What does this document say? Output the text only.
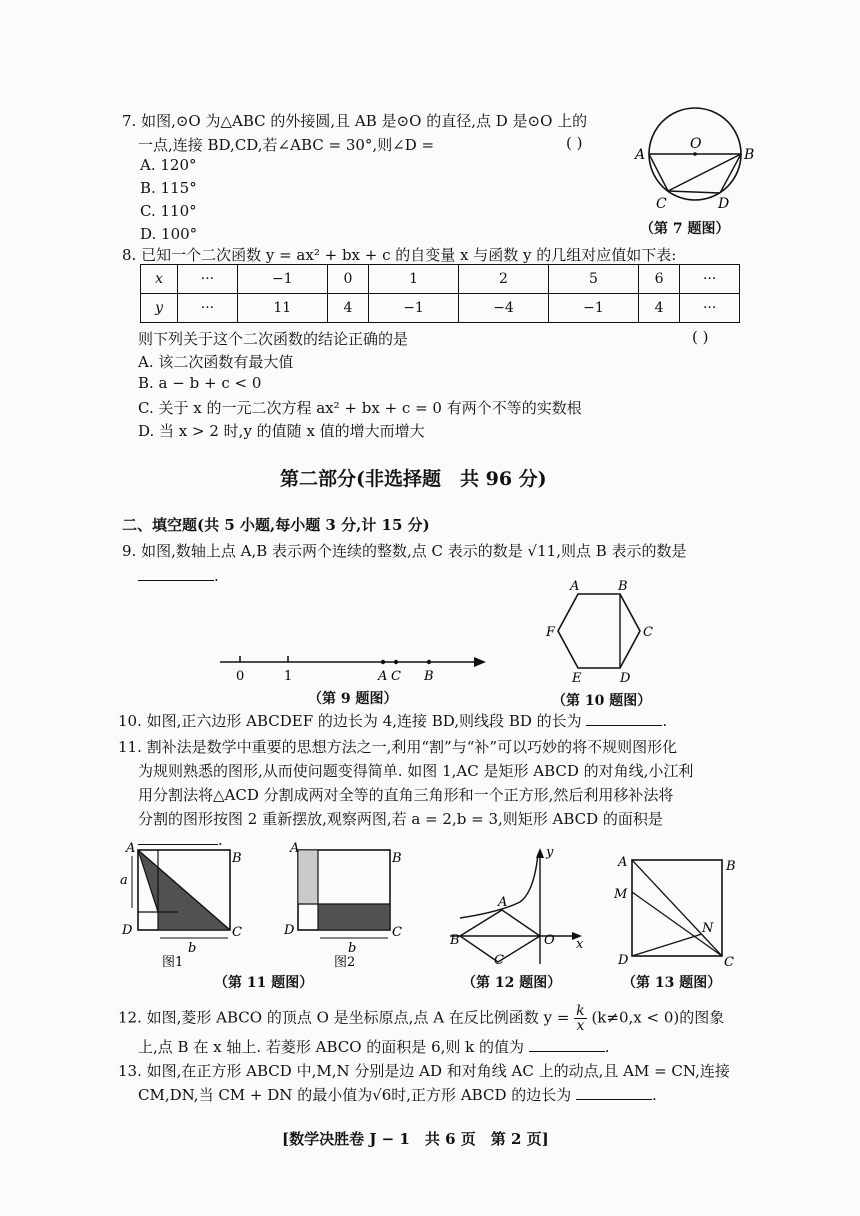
7. 如图,⊙O 为△ABC 的外接圆,且 AB 是⊙O 的直径,点 D 是⊙O 上的
一点,连接 BD,CD,若∠ABC = 30°,则∠D =	( )
A. 120°
B. 115°
C. 110°
D. 100°
A
O
B
C	D
（第 7 题图）
8. 已知一个二次函数 y = ax² + bx + c 的自变量 x 与函数 y 的几组对应值如下表:
x	···	−1	0	1	2	5	6	···
y	···	11	4	−1	−4	−1	4	···
则下列关于这个二次函数的结论正确的是	( )
A. 该二次函数有最大值
B. a − b + c < 0
C. 关于 x 的一元二次方程 ax² + bx + c = 0 有两个不等的实数根
D. 当 x > 2 时,y 的值随 x 值的增大而增大
第二部分(非选择题　共 96 分)
二、填空题(共 5 小题,每小题 3 分,计 15 分)
9. 如图,数轴上点 A,B 表示两个连续的整数,点 C 表示的数是 √11,则点 B 表示的数是
.
0	1	A C B
（第 9 题图）
A	B
C
D
E
F
（第 10 题图）
10. 如图,正六边形 ABCDEF 的边长为 4,连接 BD,则线段 BD 的长为	.
11. 割补法是数学中重要的思想方法之一,利用“割”与“补”可以巧妙的将不规则图形化
为规则熟悉的图形,从而使问题变得简单. 如图 1,AC 是矩形 ABCD 的对角线,小江利
用分割法将△ACD 分割成两对全等的直角三角形和一个正方形,然后利用移补法将
分割的图形按图 2 重新摆放,观察两图,若 a = 2,b = 3,则矩形 ABCD 的面积是
.
A
B
C
D
a
b
图1
A
B
C
D
b
图2
（第 11 题图）
A
B
C
O x
y
（第 12 题图）
A	B
C
D
M
N
（第 13 题图）
12. 如图,菱形 ABCO 的顶点 O 是坐标原点,点 A 在反比例函数 $y = \frac{k}{x} (k\ne 0,x < 0)$的图象
上,点 B 在 x 轴上. 若菱形 ABCO 的面积是 6,则 k 的值为	.
13. 如图,在正方形 ABCD 中,M,N 分别是边 AD 和对角线 AC 上的动点,且 AM = CN,连接
CM,DN,当 CM + DN 的最小值为√6时,正方形 ABCD 的边长为	.
[数学决胜卷 J − 1　共 6 页　第 2 页]
